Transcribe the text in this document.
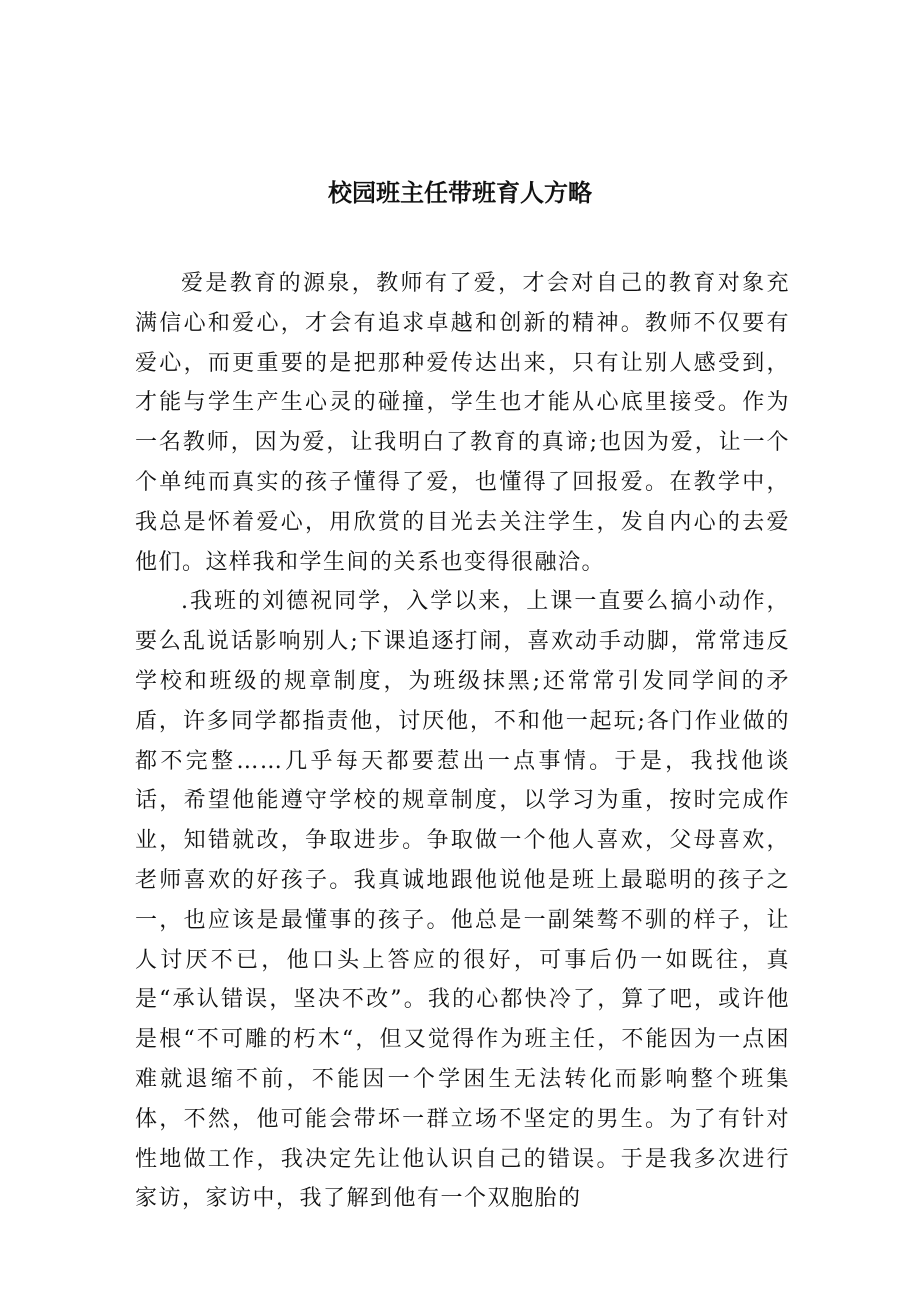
校园班主任带班育人方略

爱是教育的源泉，教师有了爱，才会对自己的教育对象充满信心和爱心，才会有追求卓越和创新的精神。教师不仅要有爱心，而更重要的是把那种爱传达出来，只有让别人感受到，才能与学生产生心灵的碰撞，学生也才能从心底里接受。作为一名教师，因为爱，让我明白了教育的真谛;也因为爱，让一个个单纯而真实的孩子懂得了爱，也懂得了回报爱。在教学中，我总是怀着爱心，用欣赏的目光去关注学生，发自内心的去爱他们。这样我和学生间的关系也变得很融洽。

.我班的刘德祝同学，入学以来，上课一直要么搞小动作，要么乱说话影响别人;下课追逐打闹，喜欢动手动脚，常常违反学校和班级的规章制度，为班级抹黑;还常常引发同学间的矛盾，许多同学都指责他，讨厌他，不和他一起玩;各门作业做的都不完整……几乎每天都要惹出一点事情。于是，我找他谈话，希望他能遵守学校的规章制度，以学习为重，按时完成作业，知错就改，争取进步。争取做一个他人喜欢，父母喜欢，老师喜欢的好孩子。我真诚地跟他说他是班上最聪明的孩子之一，也应该是最懂事的孩子。他总是一副桀骜不驯的样子，让人讨厌不已，他口头上答应的很好，可事后仍一如既往，真是“承认错误，坚决不改”。我的心都快冷了，算了吧，或许他是根“不可雕的朽木“，但又觉得作为班主任，不能因为一点困难就退缩不前，不能因一个学困生无法转化而影响整个班集体，不然，他可能会带坏一群立场不坚定的男生。为了有针对性地做工作，我决定先让他认识自己的错误。于是我多次进行家访，家访中，我了解到他有一个双胞胎的
